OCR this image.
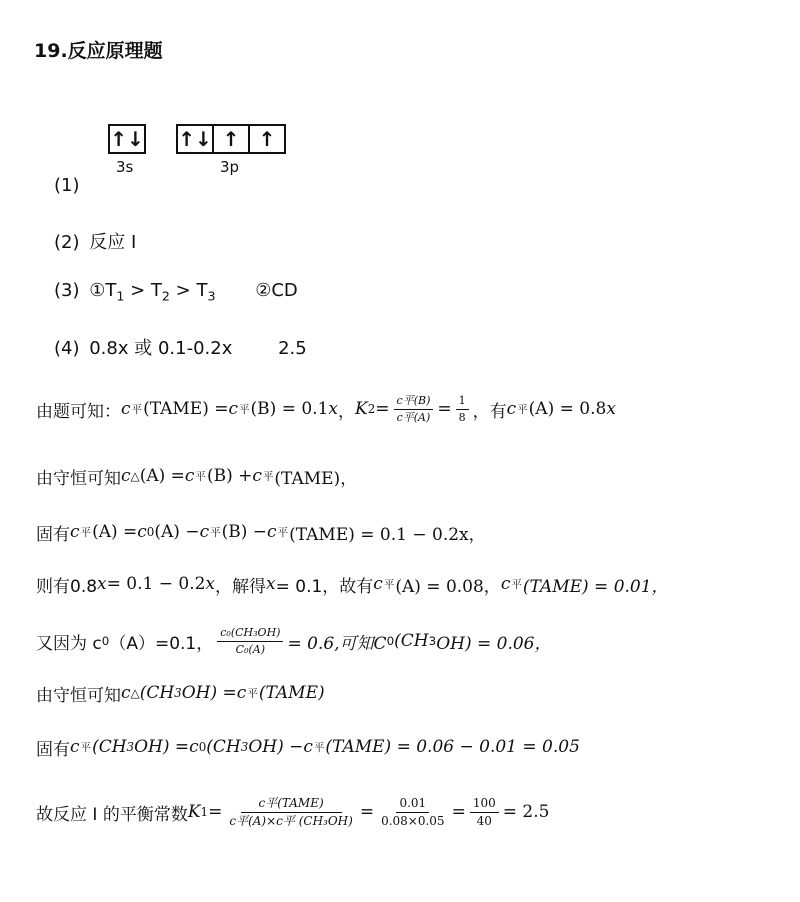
19.反应原理题
↑↓ ↑↓ ↑ ↑
3s	3p
(1)
(2) 反应 I
(3) $①T_1 > T_2 > T_3$ ②CD
(4) 0.8x 或 0.1-0.2x	2.5
由题可知： c 平 (TAME) = c 平 (B) = 0.1 x ， K $2 = \frac{\text{c平(B)}}{\text{c平(A)}} = \frac{1}{8}$ ，有 c 平 (A) = 0.8 x
由守恒可知 c △ (A) = c 平 (B) + c 平 (TAME)，
固有 c 平 (A) = c 0 (A) − c 平 (B) − c 平 (TAME) = 0.1 − 0.2x，
则有0.8 x = 0.1 − 0.2 x ，解得 x = 0.1，故有 c 平 (A) = 0.08， c 平 (TAME) = 0.01，
又因为 c 0 （A）=0.1， $\frac{\text{c₀(CH₃OH)}}{\text{C₀(A)}} = 0.6$,可知C 0 (CH 3 OH) = 0.06，
由守恒可知 c △ (CH 3 OH) = c 平 (TAME)
固有 c 平 (CH 3 OH) = c 0 (CH 3 OH) − c 平 (TAME) = 0.06 − 0.01 = 0.05
故反应 I 的平衡常数 K $1 = \frac{\text{c平(TAME)}}{\text{c平(A)×c平 (CH₃OH)}} = \frac{0.01}{0.08\times 0.05} = \frac{100}{40} = 2.5$
